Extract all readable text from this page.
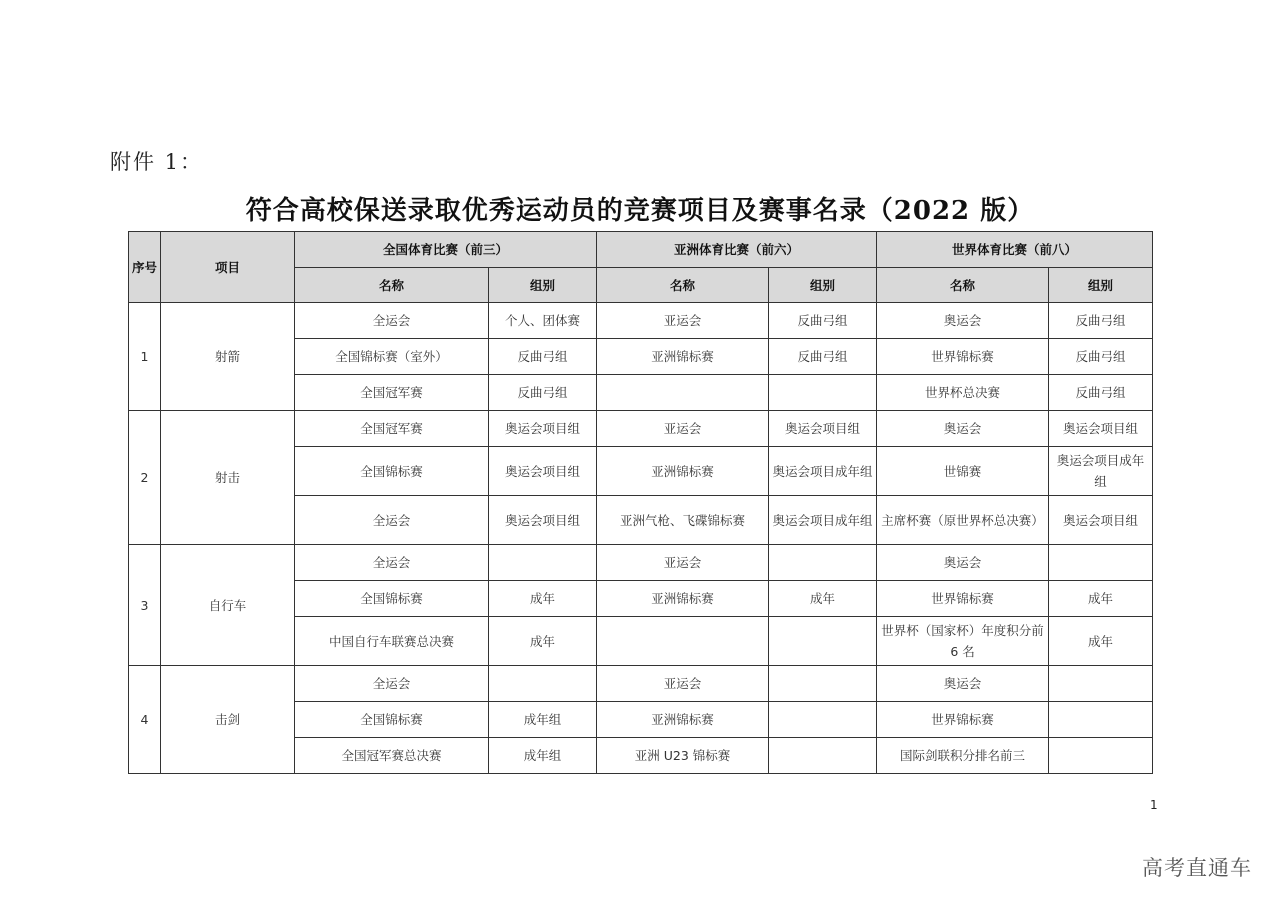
附件 1：
符合高校保送录取优秀运动员的竞赛项目及赛事名录（2022 版）
序号	项目	全国体育比赛（前三）		亚洲体育比赛（前六）		世界体育比赛（前八）	
		名称	组别	名称	组别	名称	组别
1	射箭	全运会	个人、团体赛	亚运会	反曲弓组	奥运会	反曲弓组
		全国锦标赛（室外）	反曲弓组	亚洲锦标赛	反曲弓组	世界锦标赛	反曲弓组
		全国冠军赛	反曲弓组			世界杯总决赛	反曲弓组
2	射击	全国冠军赛	奥运会项目组	亚运会	奥运会项目组	奥运会	奥运会项目组
		全国锦标赛	奥运会项目组	亚洲锦标赛	奥运会项目成年组	世锦赛	奥运会项目成年组
		全运会	奥运会项目组	亚洲气枪、飞碟锦标赛	奥运会项目成年组	主席杯赛（原世界杯总决赛）	奥运会项目组
3	自行车	全运会		亚运会		奥运会	
		全国锦标赛	成年	亚洲锦标赛	成年	世界锦标赛	成年
		中国自行车联赛总决赛	成年			世界杯（国家杯）年度积分前 6 名	成年
4	击剑	全运会		亚运会		奥运会	
		全国锦标赛	成年组	亚洲锦标赛		世界锦标赛	
		全国冠军赛总决赛	成年组	亚洲 U23 锦标赛		国际剑联积分排名前三	
1
高考直通车
